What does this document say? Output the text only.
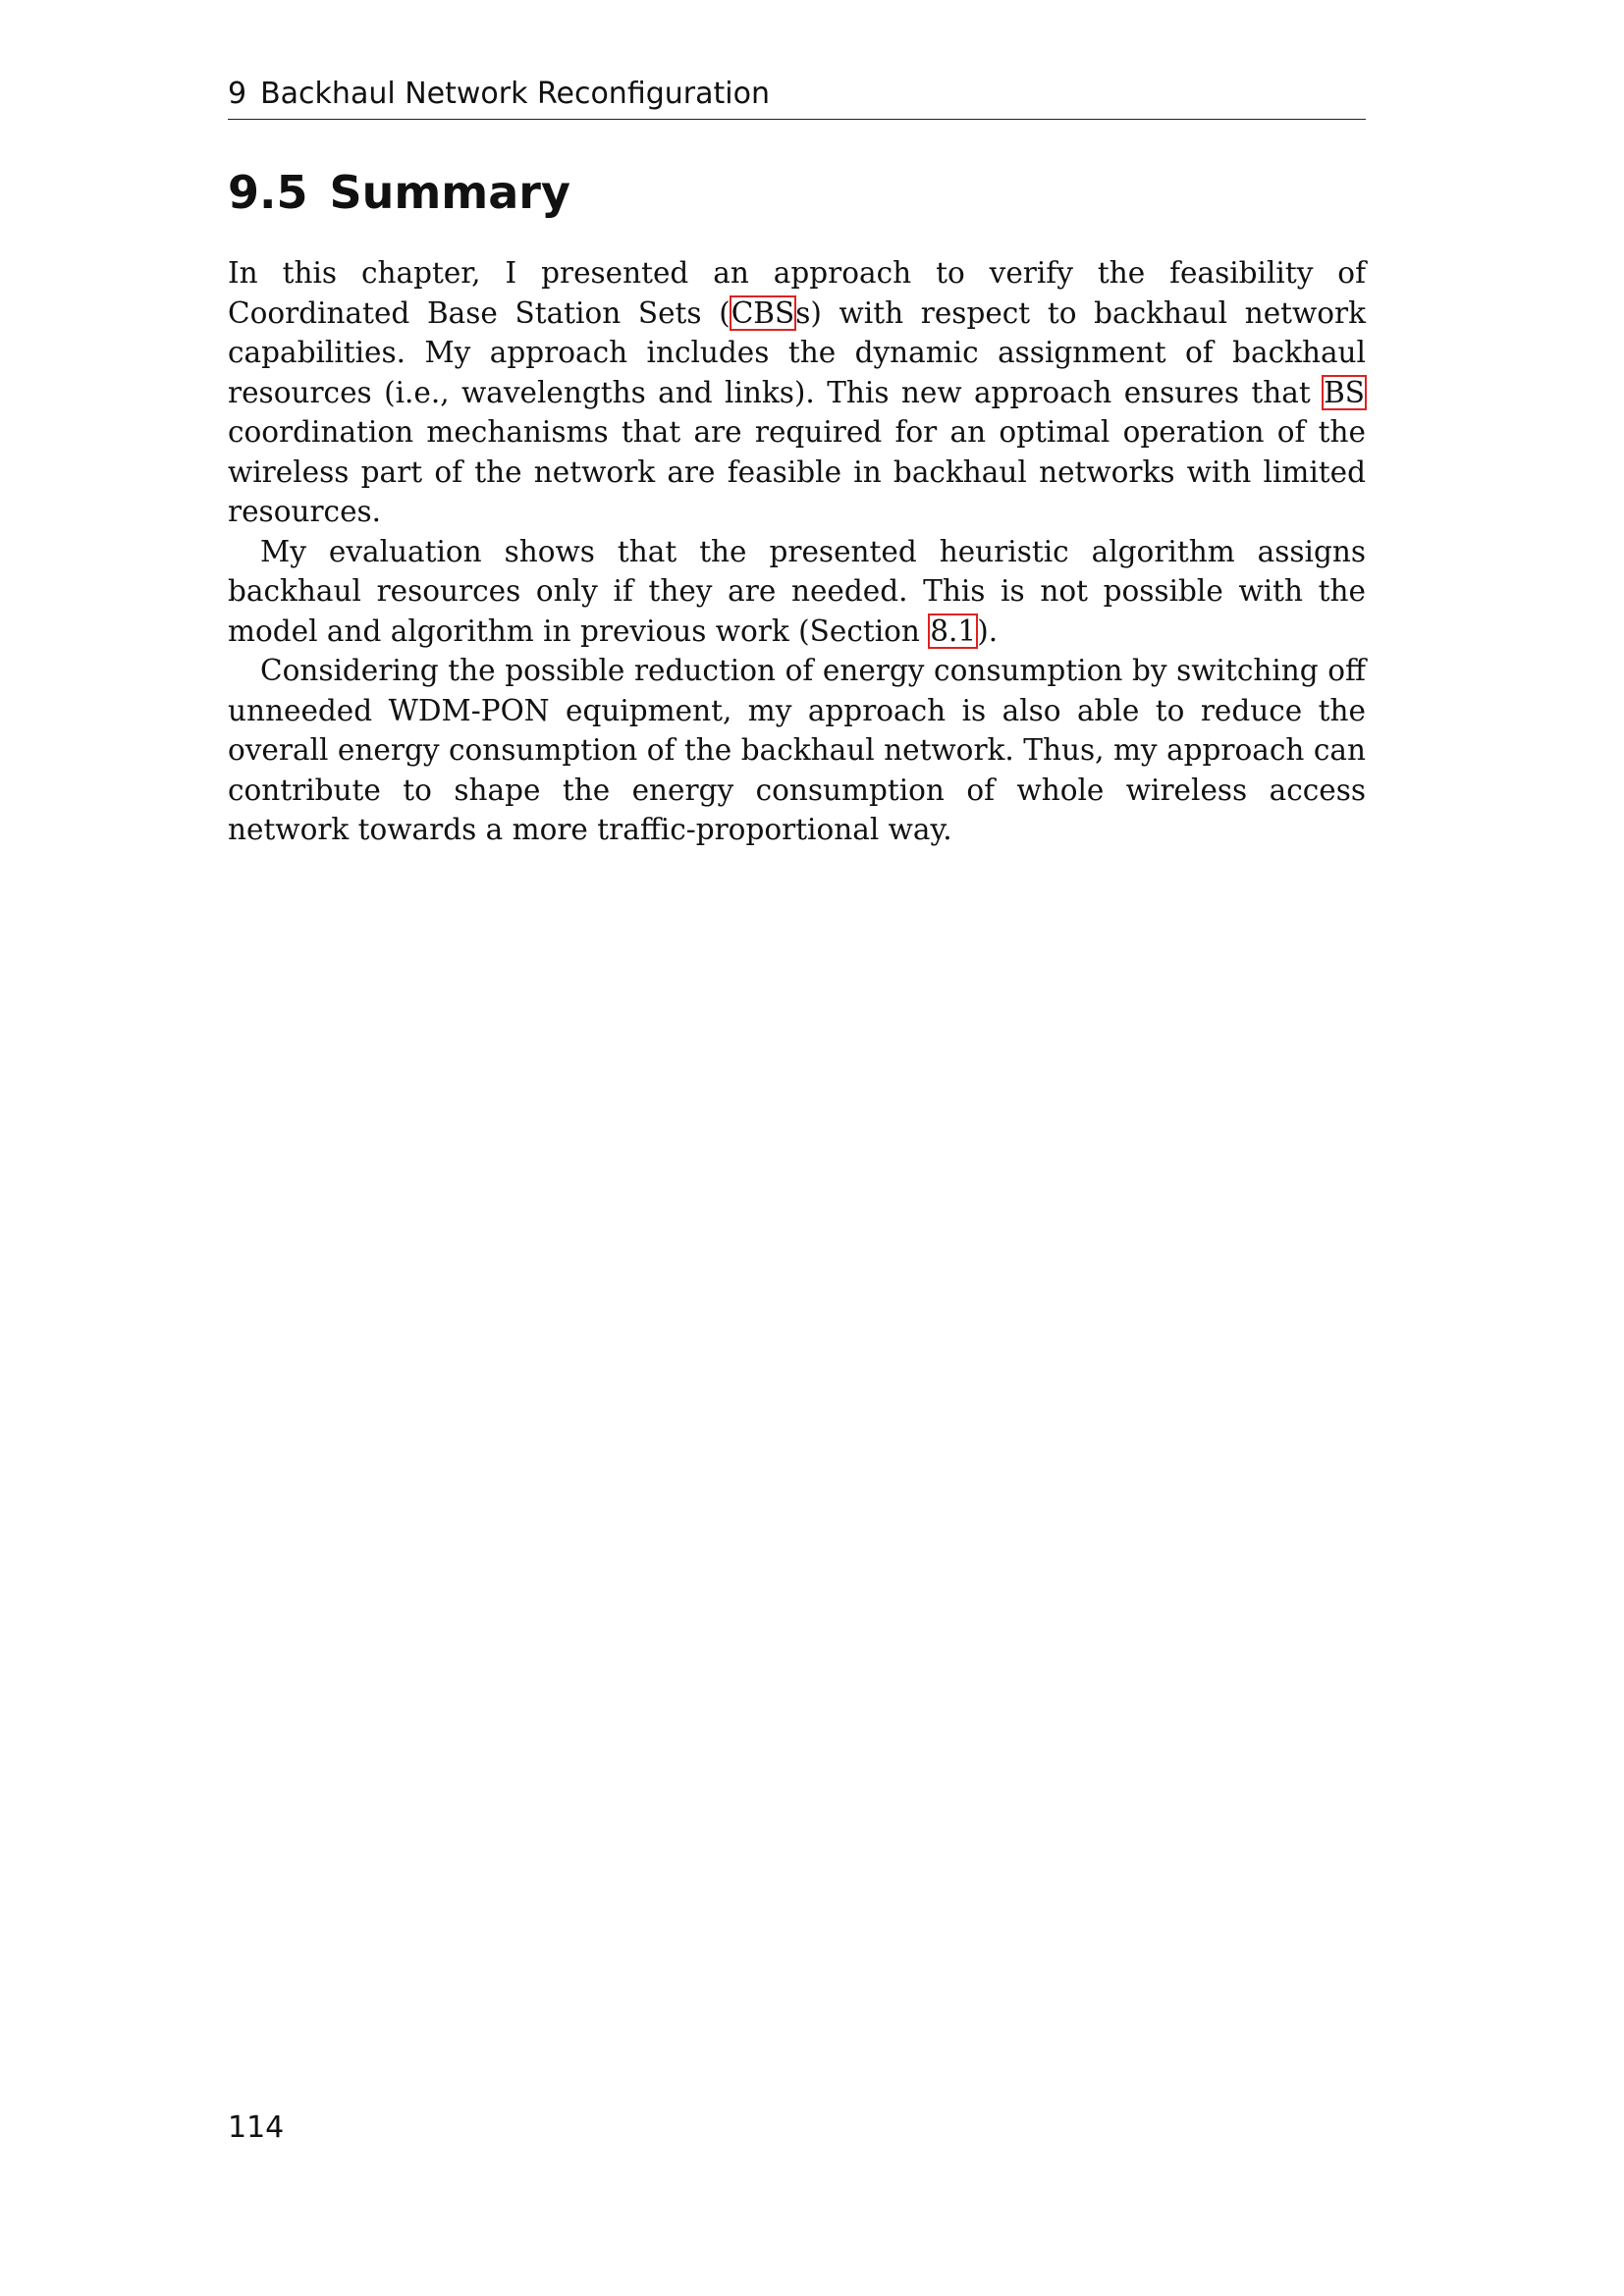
9 Backhaul Network Reconfiguration
9.5 Summary

In this chapter, I presented an approach to verify the feasibility of Coordinated Base Station Sets (CBSs) with respect to backhaul network capabilities. My approach includes the dynamic assignment of backhaul resources (i.e., wavelengths and links). This new approach ensures that BS coordination mechanisms that are required for an optimal operation of the wireless part of the network are feasible in backhaul networks with limited resources.

My evaluation shows that the presented heuristic algorithm assigns backhaul resources only if they are needed. This is not possible with the model and algorithm in previous work (Section 8.1).

Considering the possible reduction of energy consumption by switching off unneeded WDM-PON equipment, my approach is also able to reduce the overall energy consumption of the backhaul network. Thus, my approach can contribute to shape the energy consumption of whole wireless access network towards a more traffic-proportional way.

114
